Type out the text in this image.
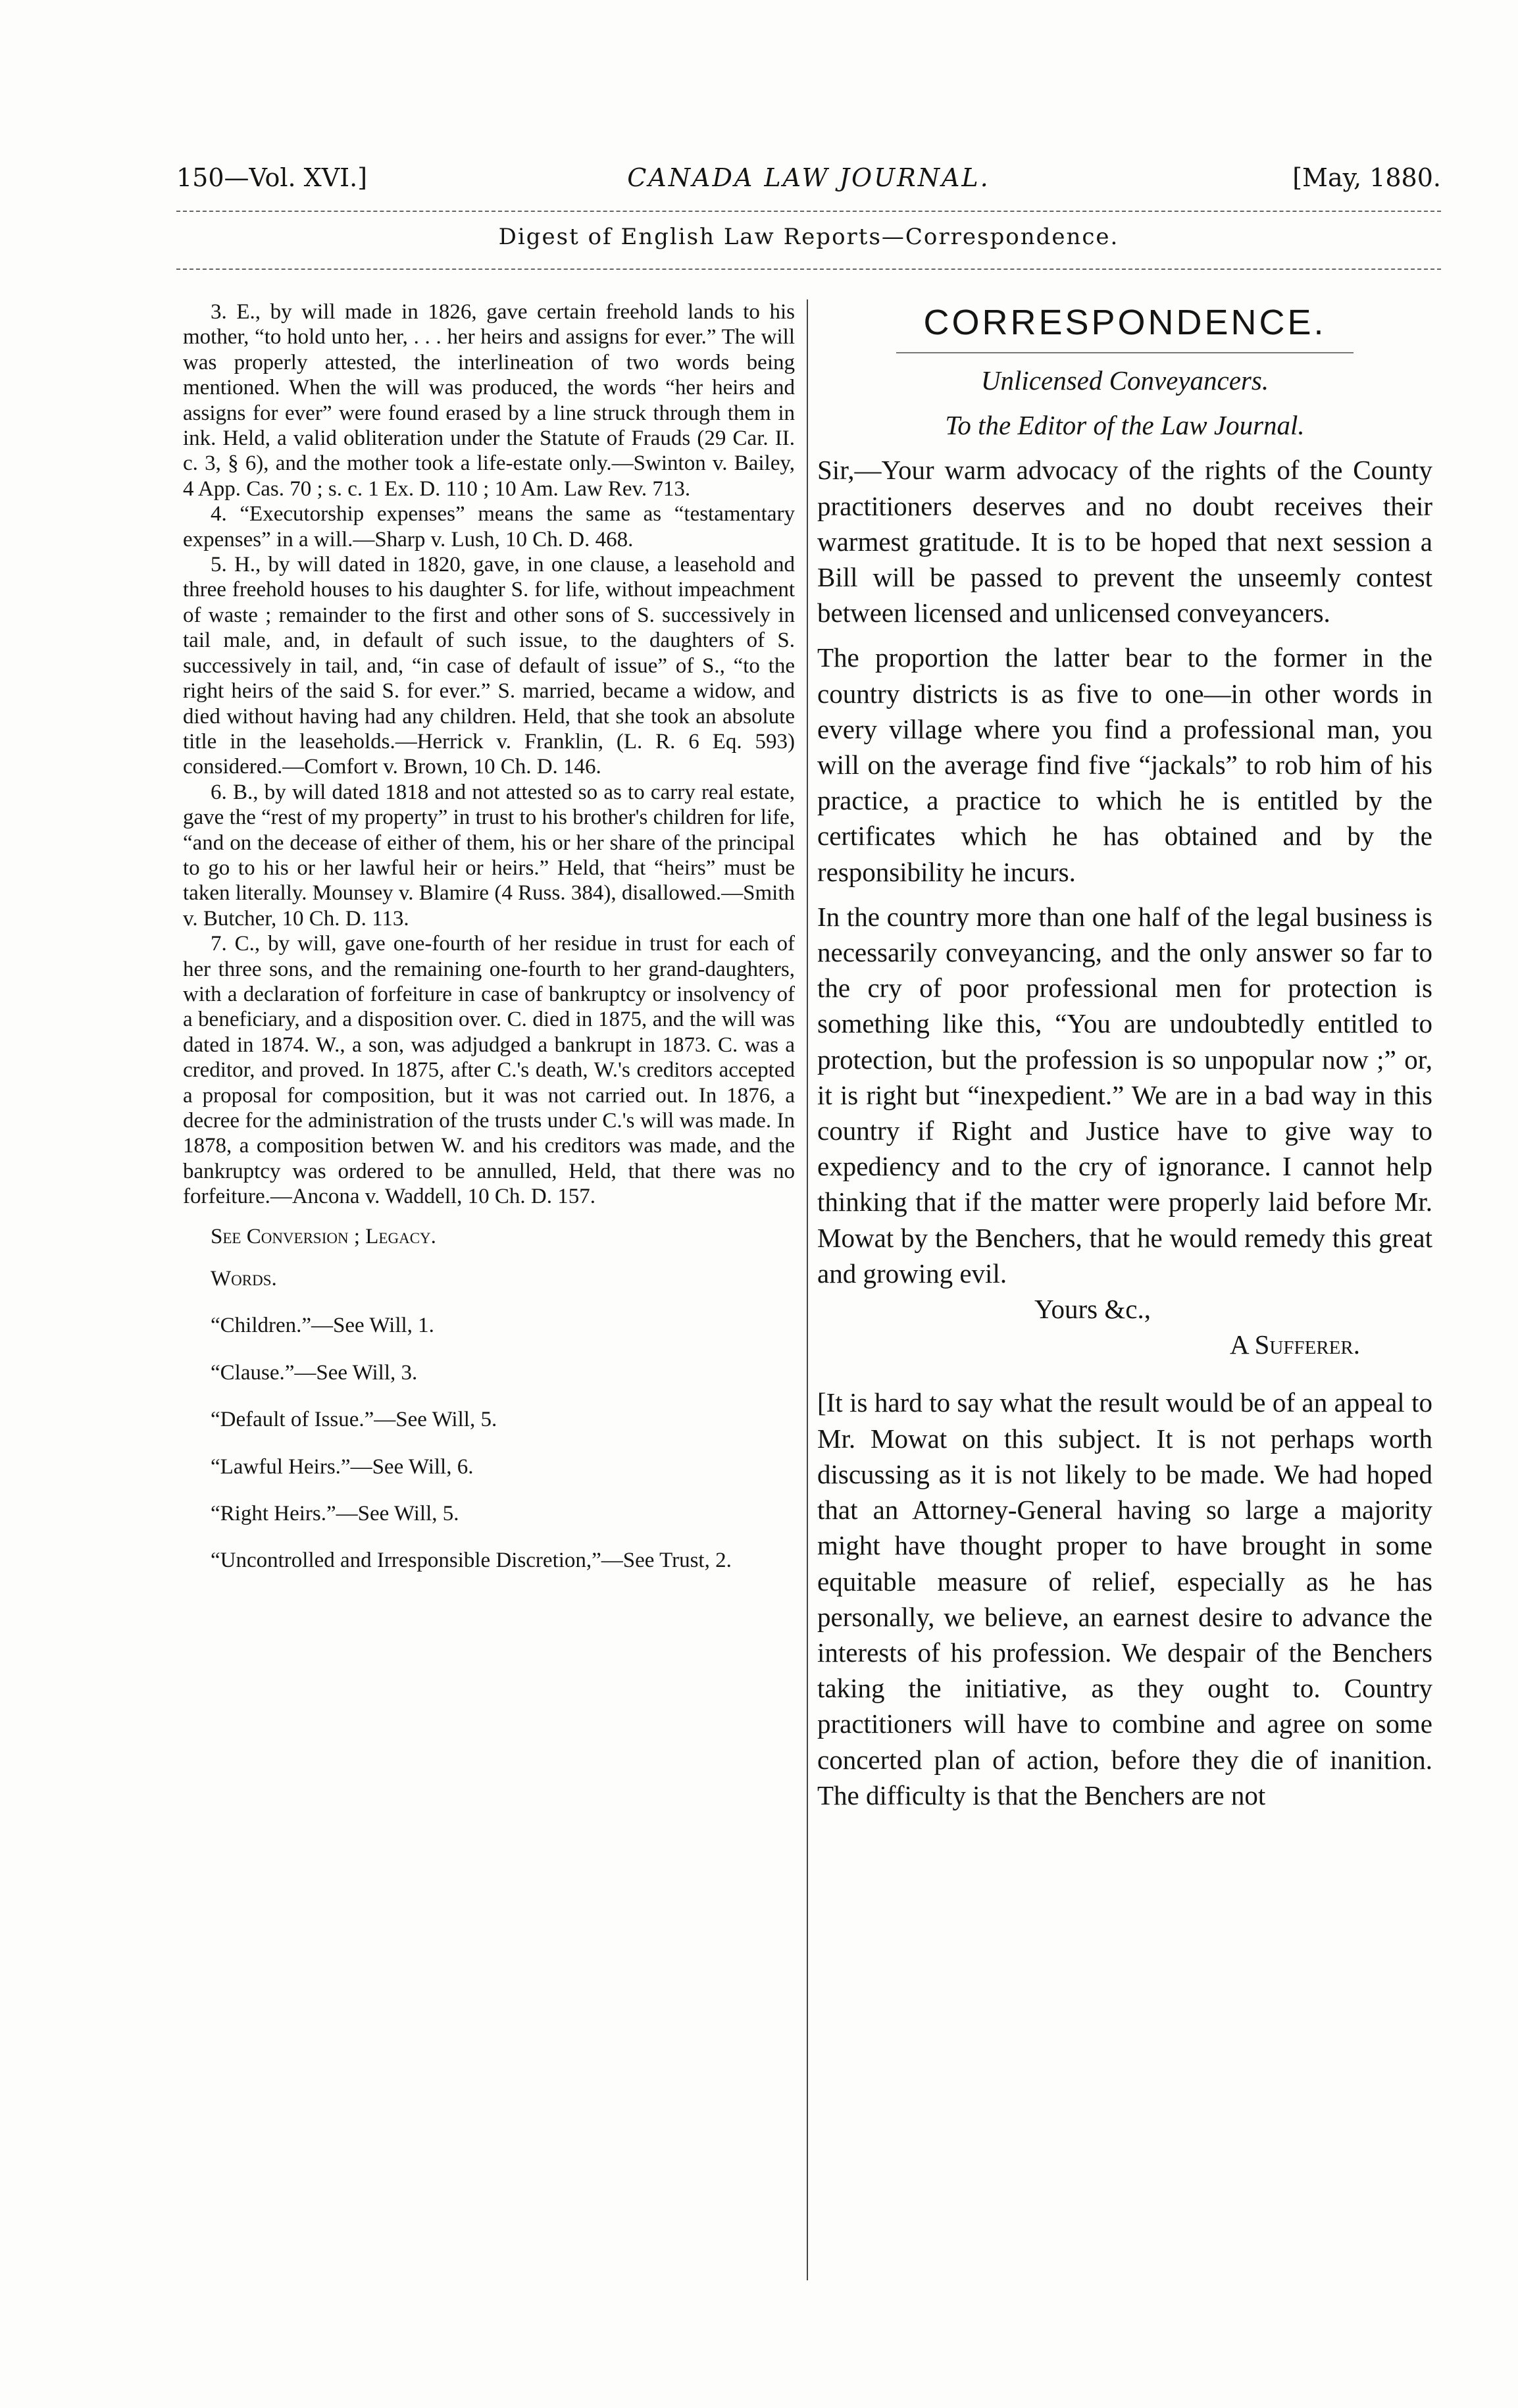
150—Vol. XVI.]	CANADA LAW JOURNAL.	[May, 1880.
Digest of English Law Reports—Correspondence.

3. E., by will made in 1826, gave certain freehold lands to his mother, “to hold unto her, . . . her heirs and assigns for ever.” The will was properly attested, the interlineation of two words being mentioned. When the will was produced, the words “her heirs and assigns for ever” were found erased by a line struck through them in ink. Held, a valid obliteration under the Statute of Frauds (29 Car. II. c. 3, § 6), and the mother took a life-estate only.—Swinton v. Bailey, 4 App. Cas. 70 ; s. c. 1 Ex. D. 110 ; 10 Am. Law Rev. 713.

4. “Executorship expenses” means the same as “testamentary expenses” in a will.—Sharp v. Lush, 10 Ch. D. 468.

5. H., by will dated in 1820, gave, in one clause, a leasehold and three freehold houses to his daughter S. for life, without impeachment of waste ; remainder to the first and other sons of S. successively in tail male, and, in default of such issue, to the daughters of S. successively in tail, and, “in case of default of issue” of S., “to the right heirs of the said S. for ever.” S. married, became a widow, and died without having had any children. Held, that she took an absolute title in the leaseholds.—Herrick v. Franklin, (L. R. 6 Eq. 593) considered.—Comfort v. Brown, 10 Ch. D. 146.

6. B., by will dated 1818 and not attested so as to carry real estate, gave the “rest of my property” in trust to his brother's children for life, “and on the decease of either of them, his or her share of the principal to go to his or her lawful heir or heirs.” Held, that “heirs” must be taken literally. Mounsey v. Blamire (4 Russ. 384), disallowed.—Smith v. Butcher, 10 Ch. D. 113.

7. C., by will, gave one-fourth of her residue in trust for each of her three sons, and the remaining one-fourth to her grand-daughters, with a declaration of forfeiture in case of bankruptcy or insolvency of a beneficiary, and a disposition over. C. died in 1875, and the will was dated in 1874. W., a son, was adjudged a bankrupt in 1873. C. was a creditor, and proved. In 1875, after C.'s death, W.'s creditors accepted a proposal for composition, but it was not carried out. In 1876, a decree for the administration of the trusts under C.'s will was made. In 1878, a composition betwen W. and his creditors was made, and the bankruptcy was ordered to be annulled, Held, that there was no forfeiture.—Ancona v. Waddell, 10 Ch. D. 157.

See Conversion ; Legacy.

Words.

“Children.”—See Will, 1.

“Clause.”—See Will, 3.

“Default of Issue.”—See Will, 5.

“Lawful Heirs.”—See Will, 6.

“Right Heirs.”—See Will, 5.

“Uncontrolled and Irresponsible Discretion,”—See Trust, 2.

CORRESPONDENCE.

Unlicensed Conveyancers.

To the Editor of the Law Journal.

Sir,—Your warm advocacy of the rights of the County practitioners deserves and no doubt receives their warmest gratitude. It is to be hoped that next session a Bill will be passed to prevent the unseemly contest between licensed and unlicensed conveyancers.

The proportion the latter bear to the former in the country districts is as five to one—in other words in every village where you find a professional man, you will on the average find five “jackals” to rob him of his practice, a practice to which he is entitled by the certificates which he has obtained and by the responsibility he incurs.

In the country more than one half of the legal business is necessarily conveyancing, and the only answer so far to the cry of poor professional men for protection is something like this, “You are undoubtedly entitled to protection, but the profession is so unpopular now ;” or, it is right but “inexpedient.” We are in a bad way in this country if Right and Justice have to give way to expediency and to the cry of ignorance. I cannot help thinking that if the matter were properly laid before Mr. Mowat by the Benchers, that he would remedy this great and growing evil.

Yours &c.,

A Sufferer.

[It is hard to say what the result would be of an appeal to Mr. Mowat on this subject. It is not perhaps worth discussing as it is not likely to be made. We had hoped that an Attorney-General having so large a majority might have thought proper to have brought in some equitable measure of relief, especially as he has personally, we believe, an earnest desire to advance the interests of his profession. We despair of the Benchers taking the initiative, as they ought to. Country practitioners will have to combine and agree on some concerted plan of action, before they die of inanition. The difficulty is that the Benchers are not
